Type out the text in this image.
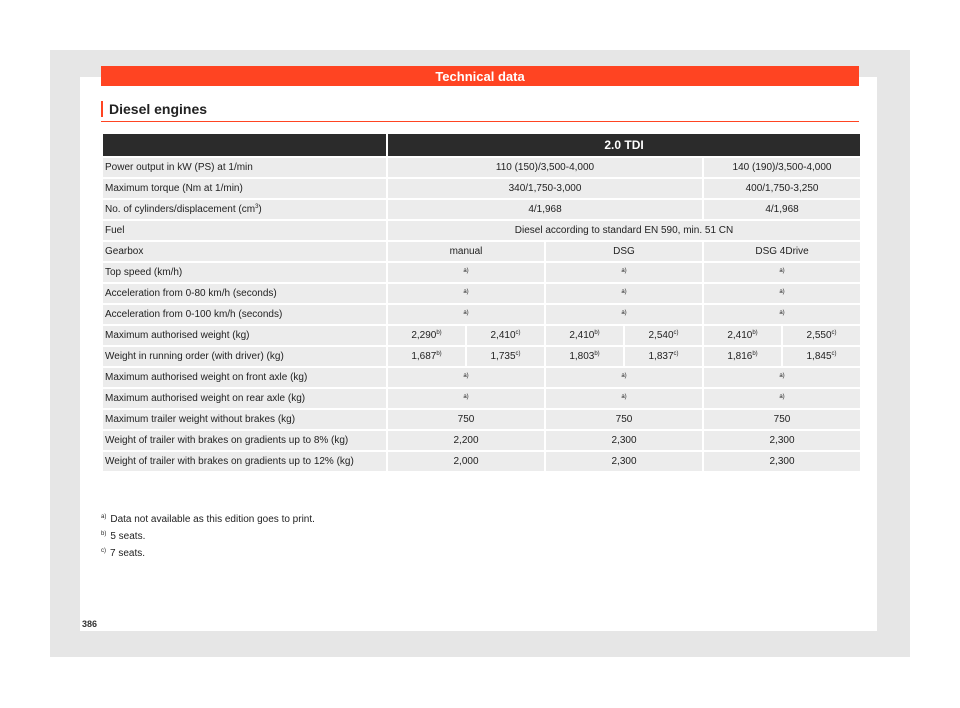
Technical data
Diesel engines
	2.0 TDI					
Power output in kW (PS) at 1/min	110 (150)/3,500-4,000				140 (190)/3,500-4,000	
Maximum torque (Nm at 1/min)	340/1,750-3,000				400/1,750-3,250	
No. of cylinders/displacement $(cm^3)$	4/1,968				4/1,968	
Fuel	Diesel according to standard EN 590, min. 51 CN					
Gearbox	manual		DSG		DSG 4Drive	
Top speed (km/h)	$^{a)}$		$^{a)}$		$^{a)}$
Acceleration from 0-80 km/h (seconds)	$^{a)}$		$^{a)}$		$^{a)}$
Acceleration from 0-100 km/h (seconds)	$^{a)}$		$^{a)}$		$^{a)}$
Maximum authorised weight (kg)	2,290$^{b)}$	2,410$^{c)}$	2,410$^{b)}$	2,540$^{c)}$	2,410$^{b)}$	2,550$^{c)}$
Weight in running order (with driver) (kg)	1,687$^{b)}$	1,735$^{c)}$	1,803$^{b)}$	1,837$^{c)}$	1,816$^{b)}$	1,845$^{c)}$
Maximum authorised weight on front axle (kg)	$^{a)}$		$^{a)}$		$^{a)}$
Maximum authorised weight on rear axle (kg)	$^{a)}$		$^{a)}$		$^{a)}$
Maximum trailer weight without brakes (kg)	750		750		750	
Weight of trailer with brakes on gradients up to 8% (kg)	2,200		2,300		2,300	
Weight of trailer with brakes on gradients up to 12% (kg)	2,000		2,300		2,300	
$^{a)}$ Data not available as this edition goes to print.
$^{b)}$ 5 seats.
$^{c)}$ 7 seats.
386
